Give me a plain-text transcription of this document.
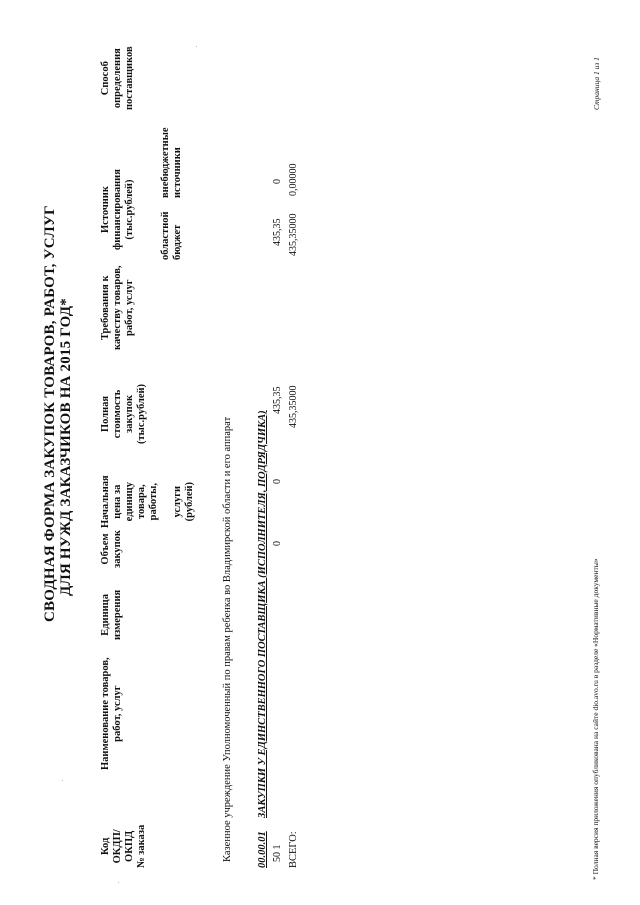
СВОДНАЯ ФОРМА ЗАКУПОК ТОВАРОВ, РАБОТ, УСЛУГ ДЛЯ НУЖД ЗАКАЗЧИКОВ НА 2015 ГОД*
Код
ОКДП/
ОКПД
№ заказа
Наименование товаров,
работ, услуг
Единица
измерения
Объем
закупок
Начальная
цена за
единицу
товара,
работы,

услуги
(рублей)
Полная
стоимость
закупок
(тыс.рублей)
Требования к
качеству товаров,
работ, услуг
Источник
финансирования
(тыс.рублей) областной
бюджет
внебюджетные
источники
Способ
определения
поставщиков
Казенное учреждение Уполномоченный по правам ребенка во Владимирской области и его аппарат 00.00.01
ЗАКУПКИ У ЕДИНСТВЕННОГО ПОСТАВЩИКА (ИСПОЛНИТЕЛЯ, ПОДРЯДЧИКА)
50 1
0
0
435,35
435,35
0
ВСЕГО:
435,35000
435,35000
0,00000
* Полная версия приложения опубликована на сайте dio.avo.ru в разделе «Нормативные документы»
Страница 1 из 1
